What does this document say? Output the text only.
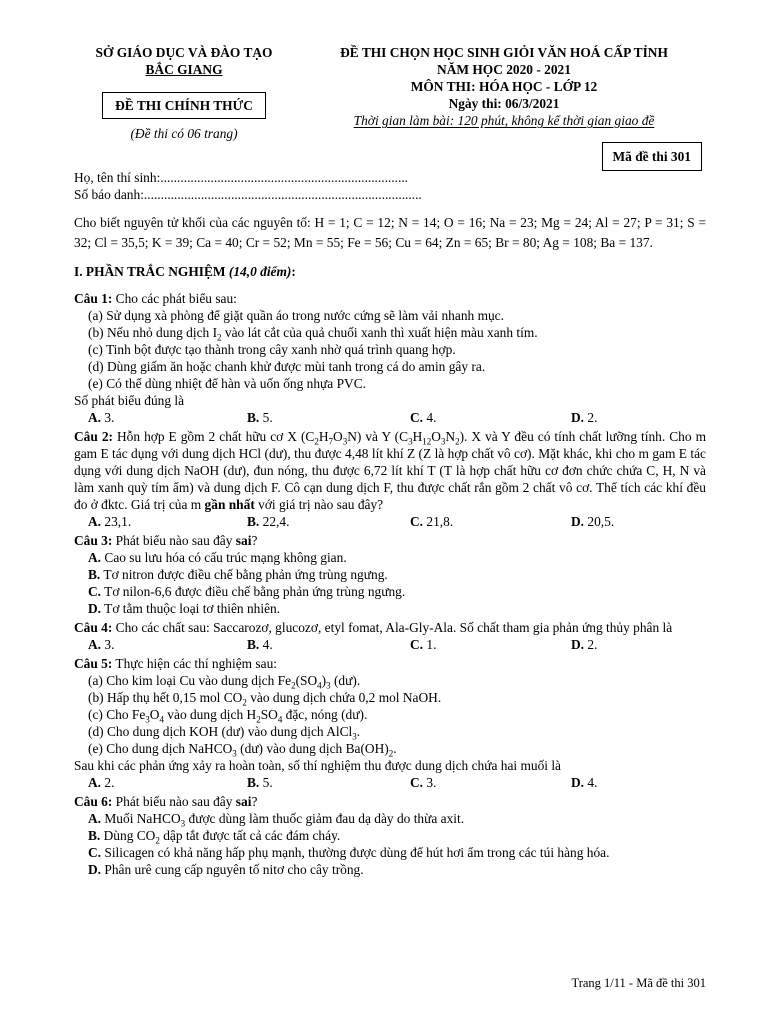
SỞ GIÁO DỤC VÀ ĐÀO TẠO
BẮC GIANG
ĐỀ THI CHÍNH THỨC
(Đề thi có 06 trang)
ĐỀ THI CHỌN HỌC SINH GIỎI VĂN HOÁ CẤP TỈNH
NĂM HỌC 2020 - 2021
MÔN THI: HÓA HỌC - LỚP 12
Ngày thi: 06/3/2021
Thời gian làm bài: 120 phút, không kể thời gian giao đề
Mã đề thi 301
Họ, tên thí sinh:..........................................................................
Số báo danh:...................................................................................
Cho biết nguyên tử khối của các nguyên tố: H = 1; C = 12; N = 14; O = 16; Na = 23; Mg = 24; Al = 27; P = 31; S = 32; Cl = 35,5; K = 39; Ca = 40; Cr = 52; Mn = 55; Fe = 56; Cu = 64; Zn = 65; Br = 80; Ag = 108; Ba = 137.
I. PHẦN TRẮC NGHIỆM (14,0 điểm):
Câu 1: Cho các phát biểu sau:
(a) Sử dụng xà phòng để giặt quần áo trong nước cứng sẽ làm vải nhanh mục.
(b) Nếu nhỏ dung dịch $I_2$ vào lát cắt của quả chuối xanh thì xuất hiện màu xanh tím.
(c) Tinh bột được tạo thành trong cây xanh nhờ quá trình quang hợp.
(d) Dùng giấm ăn hoặc chanh khử được mùi tanh trong cá do amin gây ra.
(e) Có thể dùng nhiệt để hàn và uốn ống nhựa PVC.
Số phát biểu đúng là
A. 3.	B. 5.	C. 4.	D. 2.
Câu 2: Hỗn hợp E gồm 2 chất hữu cơ X $(C_2H_7O_3N)$ và Y $(C_3H_{12}O_3N_2)$. X và Y đều có tính chất lưỡng tính. Cho m gam E tác dụng với dung dịch HCl (dư), thu được 4,48 lít khí Z (Z là hợp chất vô cơ). Mặt khác, khi cho m gam E tác dụng với dung dịch NaOH (dư), đun nóng, thu được 6,72 lít khí T (T là hợp chất hữu cơ đơn chức chứa C, H, N và làm xanh quỳ tím ẩm) và dung dịch F. Cô cạn dung dịch F, thu được chất rắn gồm 2 chất vô cơ. Thể tích các khí đều đo ở đktc. Giá trị của m gần nhất với giá trị nào sau đây?
A. 23,1.	B. 22,4.	C. 21,8.	D. 20,5.
Câu 3: Phát biểu nào sau đây sai?
A. Cao su lưu hóa có cấu trúc mạng không gian.
B. Tơ nitron được điều chế bằng phản ứng trùng ngưng.
C. Tơ nilon-6,6 được điều chế bằng phản ứng trùng ngưng.
D. Tơ tằm thuộc loại tơ thiên nhiên.
Câu 4: Cho các chất sau: Saccarozơ, glucozơ, etyl fomat, Ala-Gly-Ala. Số chất tham gia phản ứng thủy phân là
A. 3.	B. 4.	C. 1.	D. 2.
Câu 5: Thực hiện các thí nghiệm sau:
(a) Cho kim loại Cu vào dung dịch $Fe_2(SO_4)_3$ (dư).
(b) Hấp thụ hết 0,15 mol $CO_2$ vào dung dịch chứa 0,2 mol NaOH.
(c) Cho $Fe_3O_4$ vào dung dịch $H_2SO_4$ đặc, nóng (dư).
(d) Cho dung dịch KOH (dư) vào dung dịch AlCl$_3$.
(e) Cho dung dịch NaHCO$_3$ (dư) vào dung dịch $Ba(OH)_2$.
Sau khi các phản ứng xảy ra hoàn toàn, số thí nghiệm thu được dung dịch chứa hai muối là
A. 2.	B. 5.	C. 3.	D. 4.
Câu 6: Phát biểu nào sau đây sai?
A. Muối NaHCO$_3$ được dùng làm thuốc giảm đau dạ dày do thừa axit.
B. Dùng $CO_2$ dập tắt được tất cả các đám cháy.
C. Silicagen có khả năng hấp phụ mạnh, thường được dùng để hút hơi ẩm trong các túi hàng hóa.
D. Phân urê cung cấp nguyên tố nitơ cho cây trồng.
Trang 1/11 - Mã đề thi 301
